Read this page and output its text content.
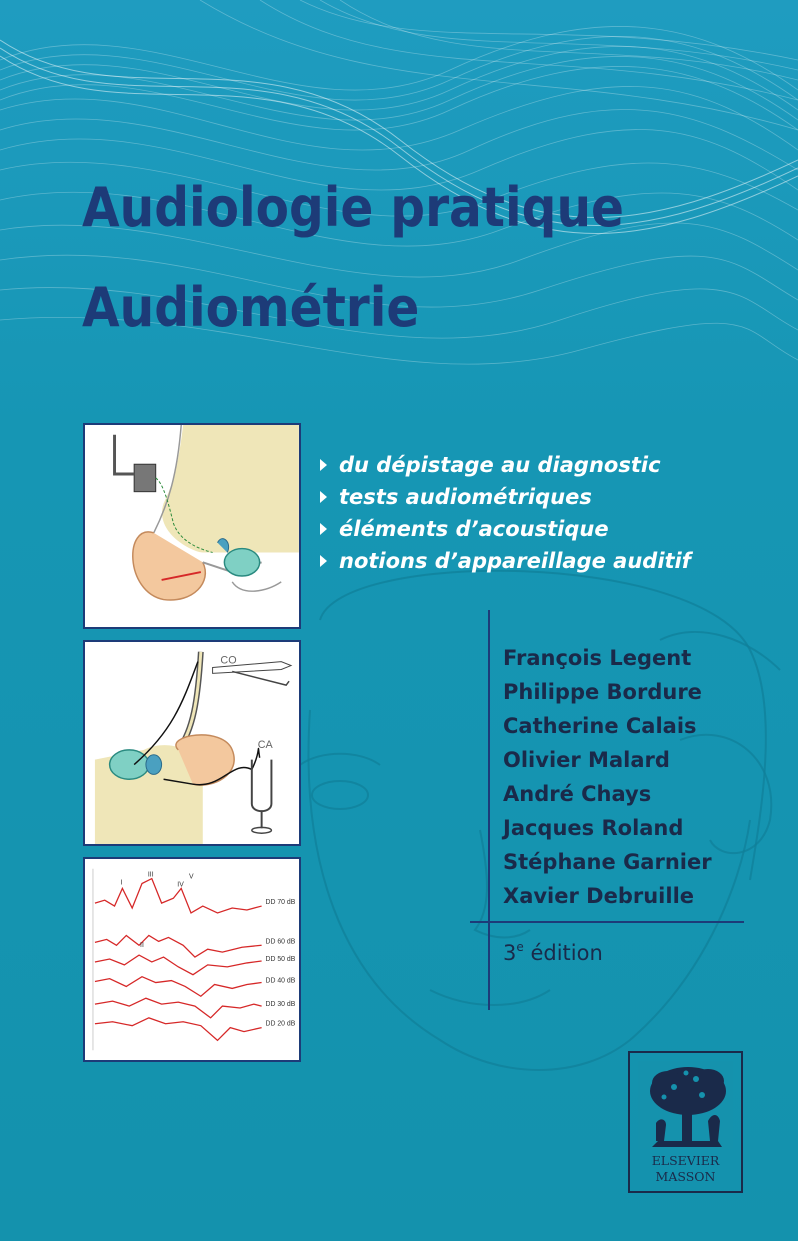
Audiologie pratique
Audiométrie
CO
CA
DD 70 dB
DD 60 dB
DD 50 dB
DD 40 dB
DD 30 dB
DD 20 dB
I
III
IV
V
II
du dépistage au diagnostic
tests audiométriques
éléments d’acoustique
notions d’appareillage auditif
François Legent
Philippe Bordure
Catherine Calais
Olivier Malard
André Chays
Jacques Roland
Stéphane Garnier
Xavier Debruille
3e édition
ELSEVIER
MASSON
